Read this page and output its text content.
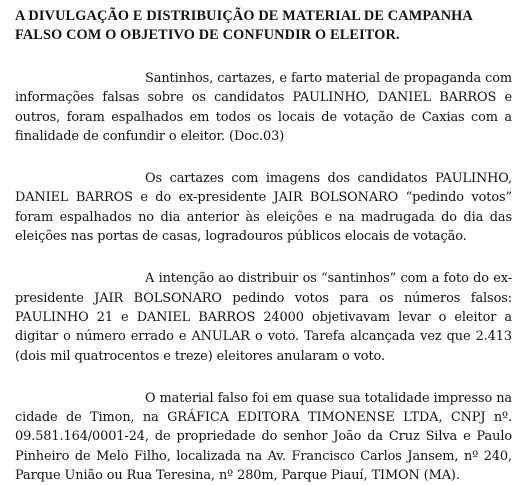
A DIVULGAÇÃO E DISTRIBUIÇÃO DE MATERIAL DE CAMPANHA FALSO COM O OBJETIVO DE CONFUNDIR O ELEITOR.

Santinhos, cartazes, e farto material de propaganda com informações falsas sobre os candidatos PAULINHO, DANIEL BARROS e outros, foram espalhados em todos os locais de votação de Caxias com a finalidade de confundir o eleitor. (Doc.03)

Os cartazes com imagens dos candidatos PAULINHO, DANIEL BARROS e do ex-presidente JAIR BOLSONARO “pedindo votos” foram espalhados no dia anterior às eleições e na madrugada do dia das eleições nas portas de casas, logradouros públicos elocais de votação.

A intenção ao distribuir os “santinhos” com a foto do ex-presidente JAIR BOLSONARO pedindo votos para os números falsos: PAULINHO 21 e DANIEL BARROS 24000 objetivavam levar o eleitor a digitar o número errado e ANULAR o voto. Tarefa alcançada vez que 2.413 (dois mil quatrocentos e treze) eleitores anularam o voto.

O material falso foi em quase sua totalidade impresso na cidade de Timon, na GRÁFICA EDITORA TIMONENSE LTDA, CNPJ nº. 09.581.164/0001-24, de propriedade do senhor João da Cruz Silva e Paulo Pinheiro de Melo Filho, localizada na Av. Francisco Carlos Jansem, nº 240, Parque União ou Rua Teresina, nº 280m, Parque Piauí, TIMON (MA).
